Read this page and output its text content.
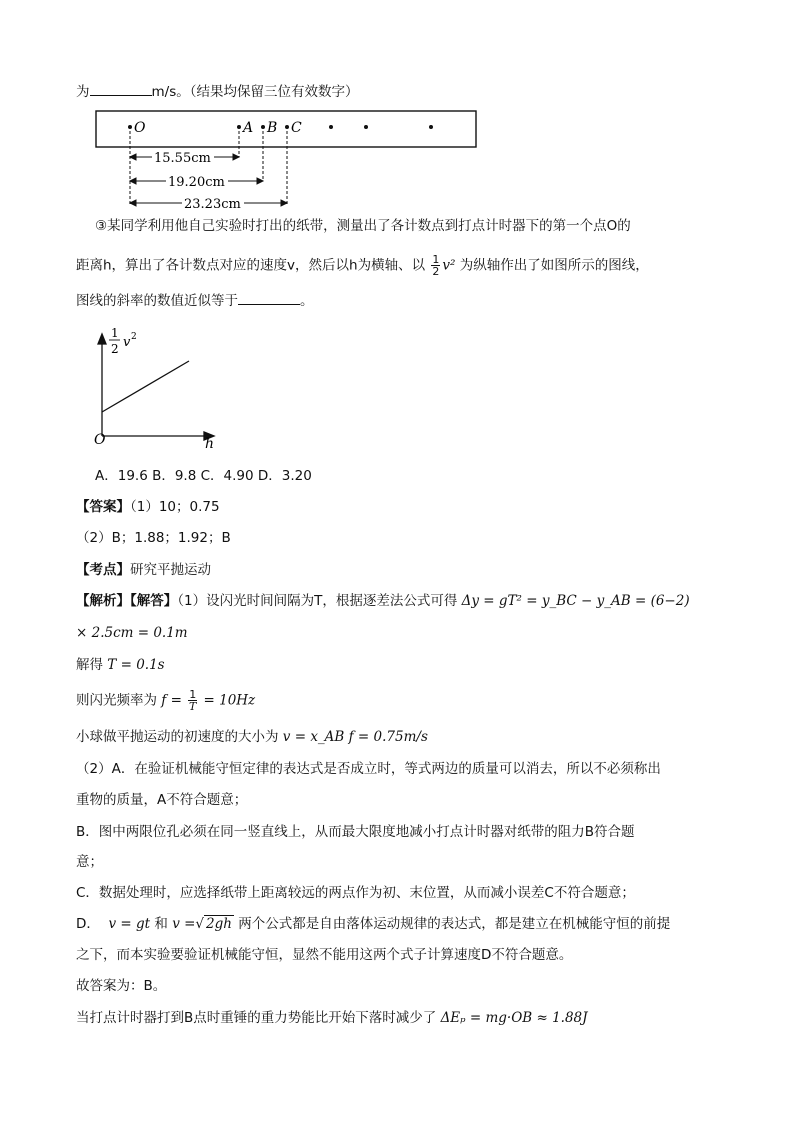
为	m/s。（结果均保留三位有效数字）
O	A B C
15.55cm
19.20cm
23.23cm
③某同学利用他自己实验时打出的纸带，测量出了各计数点到打点计时器下的第一个点O的
距离h，算出了各计数点对应的速度v，然后以h为横轴、以 $\frac{1}{2} v^2$ 为纵轴作出了如图所示的图线，
图线的斜率的数值近似等于	。
1
2 v 2
O	h
A．19.6 B．9.8 C．4.90 D．3.20
【答案】（1）10；0.75
（2）B；1.88；1.92；B
【考点】研究平抛运动
【解析】【解答】（1）设闪光时间间隔为T，根据逐差法公式可得 Δy = gT² = y_BC − y_AB = (6−2)
× 2.5cm = 0.1m
解得 T = 0.1s
则闪光频率为 $f = \frac{1}{T} = 10Hz$
小球做平抛运动的初速度的大小为 v = x_AB f = 0.75m/s
（2）A．在验证机械能守恒定律的表达式是否成立时，等式两边的质量可以消去，所以不必须称出
重物的质量，A不符合题意；
B．图中两限位孔必须在同一竖直线上，从而最大限度地减小打点计时器对纸带的阻力B符合题
意；
C．数据处理时，应选择纸带上距离较远的两点作为初、末位置，从而减小误差C不符合题意；
D． v = gt 和 v =√ 2gh 两个公式都是自由落体运动规律的表达式，都是建立在机械能守恒的前提
之下，而本实验要验证机械能守恒，显然不能用这两个式子计算速度D不符合题意。
故答案为：B。
当打点计时器打到B点时重锤的重力势能比开始下落时减少了 ΔEₚ = mg·OB ≈ 1.88J
